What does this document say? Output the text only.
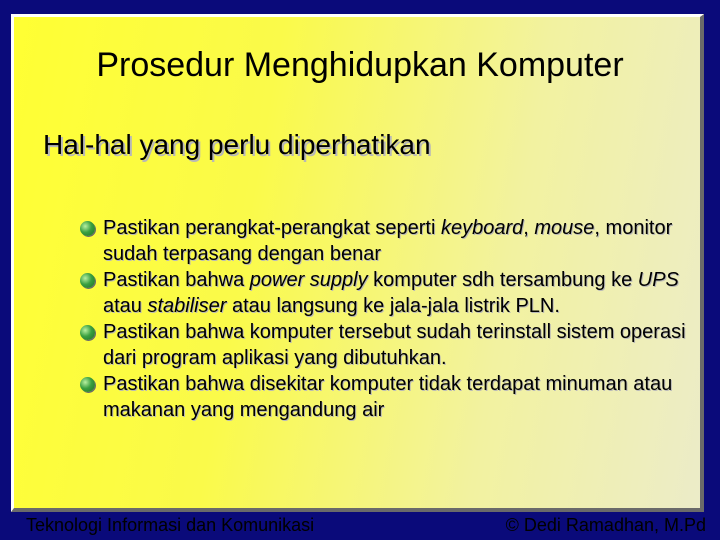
Prosedur Menghidupkan Komputer
Hal-hal yang perlu diperhatikan
Pastikan perangkat-perangkat seperti keyboard, mouse, monitor sudah terpasang dengan benar
Pastikan bahwa power supply komputer sdh tersambung ke UPS atau stabiliser atau langsung ke jala-jala listrik PLN.
Pastikan bahwa komputer tersebut sudah terinstall sistem operasi dari program aplikasi yang dibutuhkan.
Pastikan bahwa disekitar komputer tidak terdapat minuman atau makanan yang mengandung air
Teknologi Informasi dan Komunikasi	© Dedi Ramadhan, M.Pd
